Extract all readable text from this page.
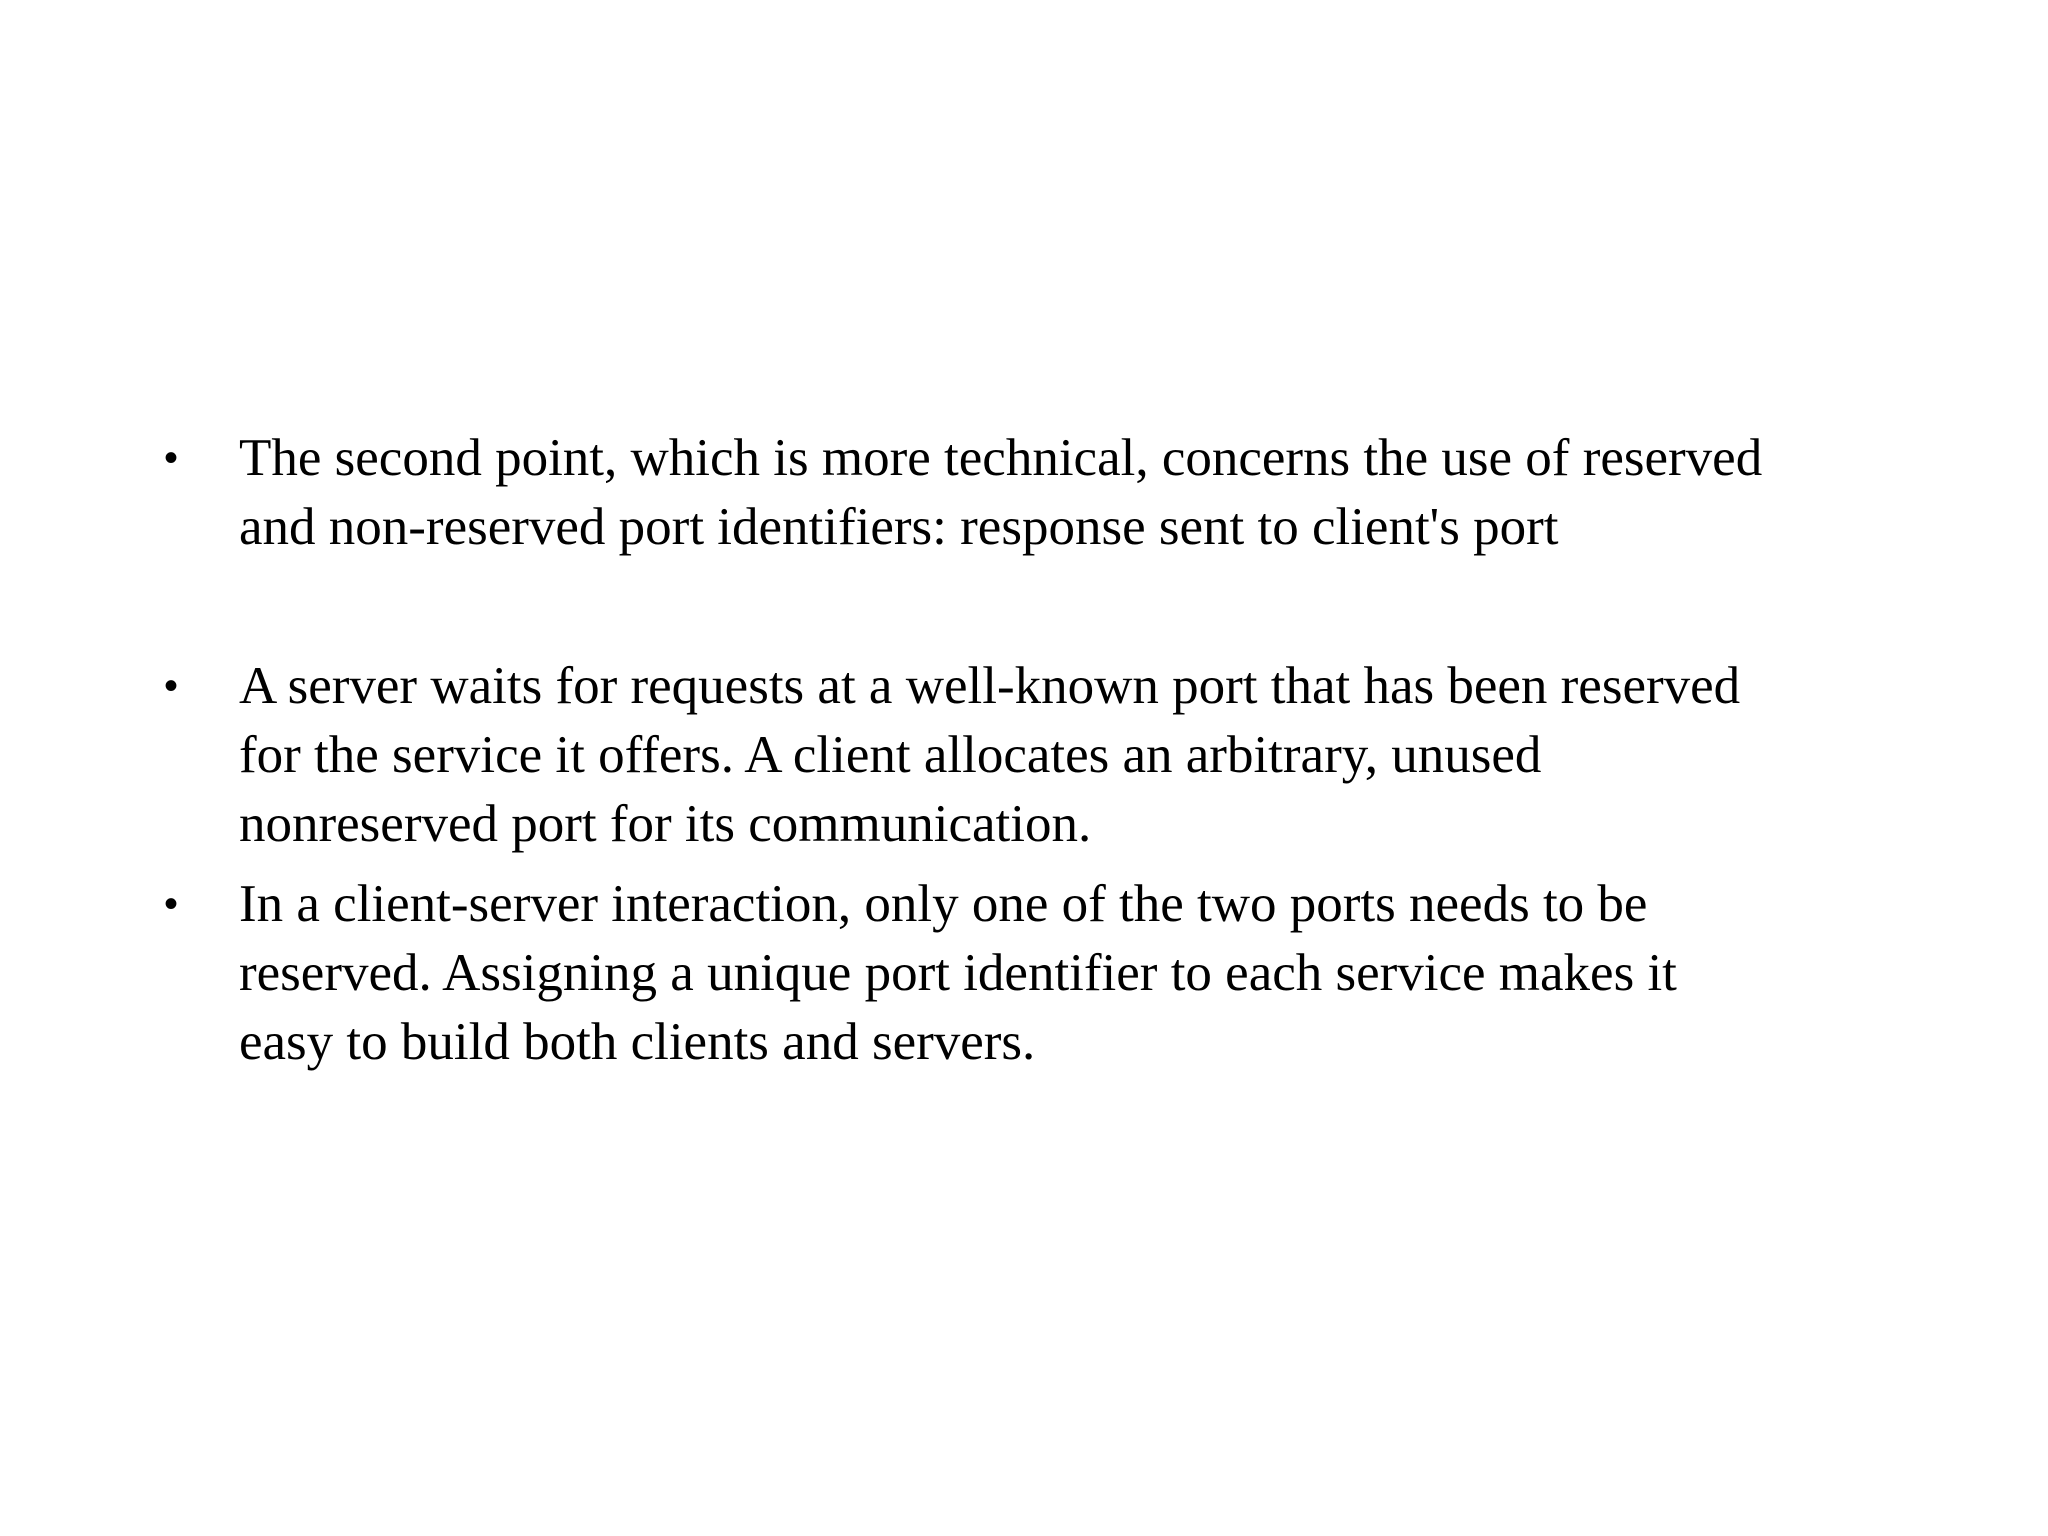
• The second point, which is more technical, concerns the use of reserved
and non-reserved port identifiers: response sent to client's port
• A server waits for requests at a well-known port that has been reserved
for the service it offers. A client allocates an arbitrary, unused
nonreserved port for its communication.
• In a client-server interaction, only one of the two ports needs to be
reserved. Assigning a unique port identifier to each service makes it
easy to build both clients and servers.
